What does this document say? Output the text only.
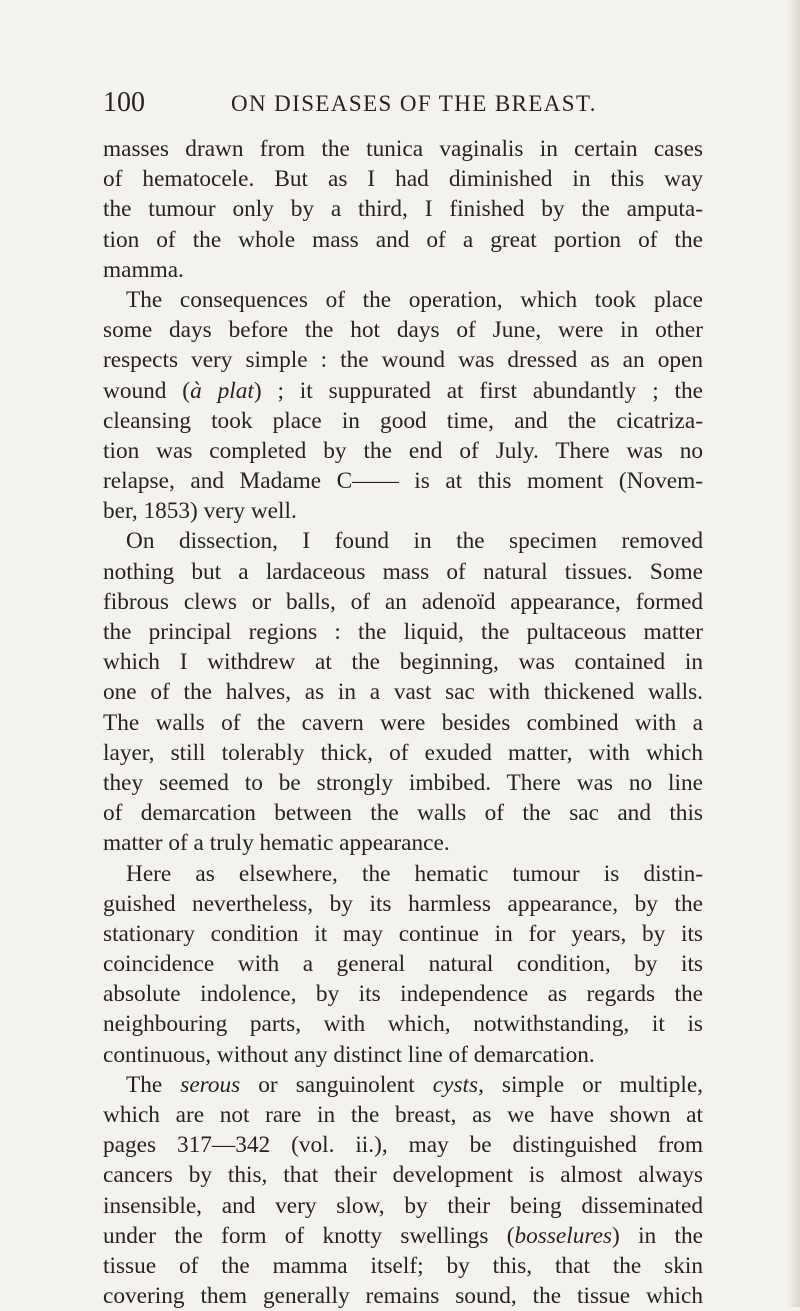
100	ON DISEASES OF THE BREAST.
masses drawn from the tunica vaginalis in certain cases
of hematocele. But as I had diminished in this way
the tumour only by a third, I finished by the amputa-
tion of the whole mass and of a great portion of the
mamma.
The consequences of the operation, which took place
some days before the hot days of June, were in other
respects very simple : the wound was dressed as an open
wound (à plat) ; it suppurated at first abundantly ; the
cleansing took place in good time, and the cicatriza-
tion was completed by the end of July. There was no
relapse, and Madame C—— is at this moment (Novem-
ber, 1853) very well.
On dissection, I found in the specimen removed
nothing but a lardaceous mass of natural tissues. Some
fibrous clews or balls, of an adenoïd appearance, formed
the principal regions : the liquid, the pultaceous matter
which I withdrew at the beginning, was contained in
one of the halves, as in a vast sac with thickened walls.
The walls of the cavern were besides combined with a
layer, still tolerably thick, of exuded matter, with which
they seemed to be strongly imbibed. There was no line
of demarcation between the walls of the sac and this
matter of a truly hematic appearance.
Here as elsewhere, the hematic tumour is distin-
guished nevertheless, by its harmless appearance, by the
stationary condition it may continue in for years, by its
coincidence with a general natural condition, by its
absolute indolence, by its independence as regards the
neighbouring parts, with which, notwithstanding, it is
continuous, without any distinct line of demarcation.
The serous or sanguinolent cysts, simple or multiple,
which are not rare in the breast, as we have shown at
pages 317—342 (vol. ii.), may be distinguished from
cancers by this, that their development is almost always
insensible, and very slow, by their being disseminated
under the form of knotty swellings (bosselures) in the
tissue of the mamma itself; by this, that the skin
covering them generally remains sound, the tissue which
